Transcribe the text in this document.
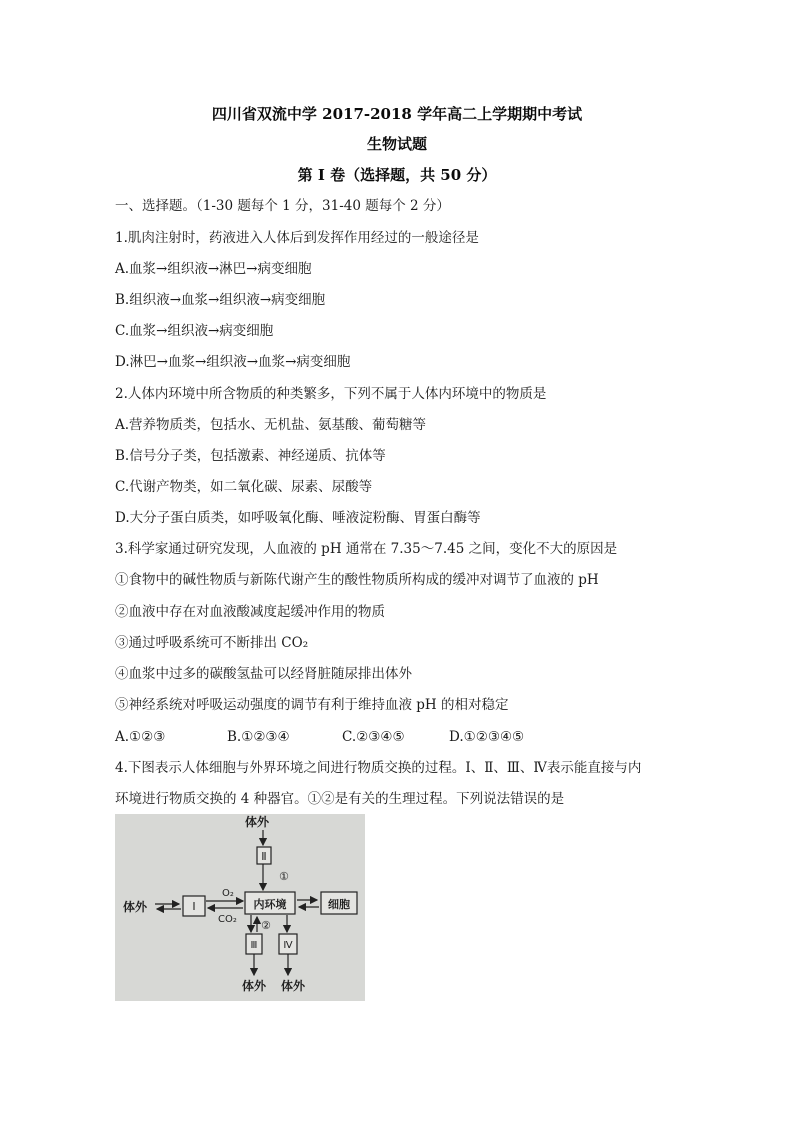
四川省双流中学 2017-2018 学年高二上学期期中考试
生物试题
第 I 卷（选择题，共 50 分）
一、选择题。（1-30 题每个 1 分，31-40 题每个 2 分）
1.肌肉注射时，药液进入人体后到发挥作用经过的一般途径是
A.血浆→组织液→淋巴→病变细胞
B.组织液→血浆→组织液→病变细胞
C.血浆→组织液→病变细胞
D.淋巴→血浆→组织液→血浆→病变细胞
2.人体内环境中所含物质的种类繁多，下列不属于人体内环境中的物质是
A.营养物质类，包括水、无机盐、氨基酸、葡萄糖等
B.信号分子类，包括激素、神经递质、抗体等
C.代谢产物类，如二氧化碳、尿素、尿酸等
D.大分子蛋白质类，如呼吸氧化酶、唾液淀粉酶、胃蛋白酶等
3.科学家通过研究发现，人血液的 pH 通常在 7.35～7.45 之间，变化不大的原因是
①食物中的碱性物质与新陈代谢产生的酸性物质所构成的缓冲对调节了血液的 pH
②血液中存在对血液酸减度起缓冲作用的物质
③通过呼吸系统可不断排出 CO₂
④血浆中过多的碳酸氢盐可以经肾脏随尿排出体外
⑤神经系统对呼吸运动强度的调节有利于维持血液 pH 的相对稳定
A.①②③	B.①②③④	C.②③④⑤	D.①②③④⑤
4.下图表示人体细胞与外界环境之间进行物质交换的过程。Ⅰ、Ⅱ、Ⅲ、Ⅳ表示能直接与内
环境进行物质交换的 4 种器官。①②是有关的生理过程。下列说法错误的是
体外
Ⅱ
①
体外	Ⅰ
O₂
CO₂
内环境	细胞
②
Ⅲ	Ⅳ
体外 体外
